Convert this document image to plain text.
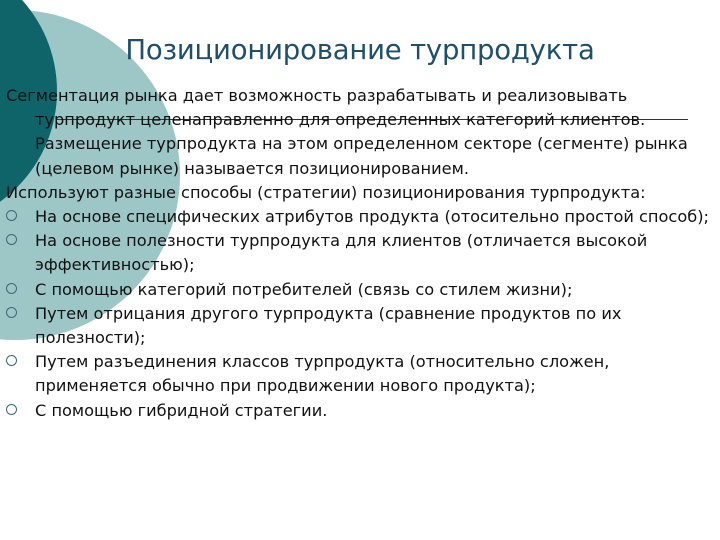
Позиционирование турпродукта
Сегментация рынка дает возможность разрабатывать и реализовывать турпродукт целенаправленно для определенных категорий клиентов. Размещение турпродукта на этом определенном секторе (сегменте) рынка (целевом рынке) называется позиционированием.
Используют разные способы (стратегии) позиционирования турпродукта:
На основе специфических атрибутов продукта (отосительно простой способ);
На основе полезности турпродукта для клиентов (отличается высокой эффективностью);
С помощью категорий потребителей (связь со стилем жизни);
Путем отрицания другого турпродукта (сравнение продуктов по их полезности);
Путем разъединения классов турпродукта (относительно сложен, применяется обычно при продвижении нового продукта);
С помощью гибридной стратегии.
